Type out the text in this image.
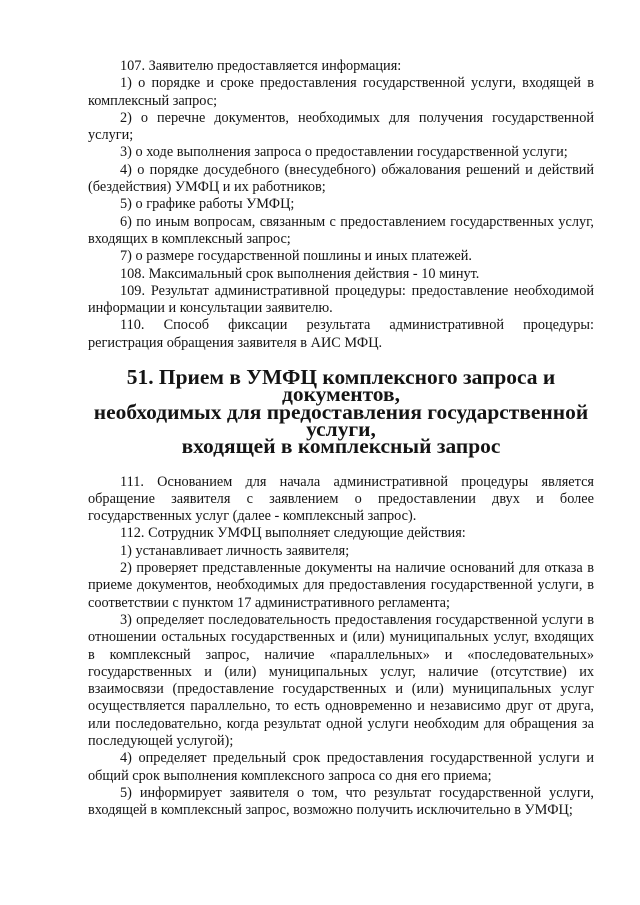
107. Заявителю предоставляется информация:

1) о порядке и сроке предоставления государственной услуги, входящей в комплексный запрос;

2) о перечне документов, необходимых для получения государственной услуги;

3) о ходе выполнения запроса о предоставлении государственной услуги;

4) о порядке досудебного (внесудебного) обжалования решений и действий (бездействия) УМФЦ и их работников;

5) о графике работы УМФЦ;

6) по иным вопросам, связанным с предоставлением государственных услуг, входящих в комплексный запрос;

7) о размере государственной пошлины и иных платежей.

108. Максимальный срок выполнения действия - 10 минут.

109. Результат административной процедуры: предоставление необходимой информации и консультации заявителю.

110. Способ фиксации результата административной процедуры: регистрация обращения заявителя в АИС МФЦ.

51. Прием в УМФЦ комплексного запроса и документов,
необходимых для предоставления государственной услуги,
входящей в комплексный запрос

111. Основанием для начала административной процедуры является обращение заявителя с заявлением о предоставлении двух и более государственных услуг (далее - комплексный запрос).

112. Сотрудник УМФЦ выполняет следующие действия:

1) устанавливает личность заявителя;

2) проверяет представленные документы на наличие оснований для отказа в приеме документов, необходимых для предоставления государственной услуги, в соответствии с пунктом 17 административного регламента;

3) определяет последовательность предоставления государственной услуги в отношении остальных государственных и (или) муниципальных услуг, входящих в комплексный запрос, наличие «параллельных» и «последовательных» государственных и (или) муниципальных услуг, наличие (отсутствие) их взаимосвязи (предоставление государственных и (или) муниципальных услуг осуществляется параллельно, то есть одновременно и независимо друг от друга, или последовательно, когда результат одной услуги необходим для обращения за последующей услугой);

4) определяет предельный срок предоставления государственной услуги и общий срок выполнения комплексного запроса со дня его приема;

5) информирует заявителя о том, что результат государственной услуги, входящей в комплексный запрос, возможно получить исключительно в УМФЦ;
